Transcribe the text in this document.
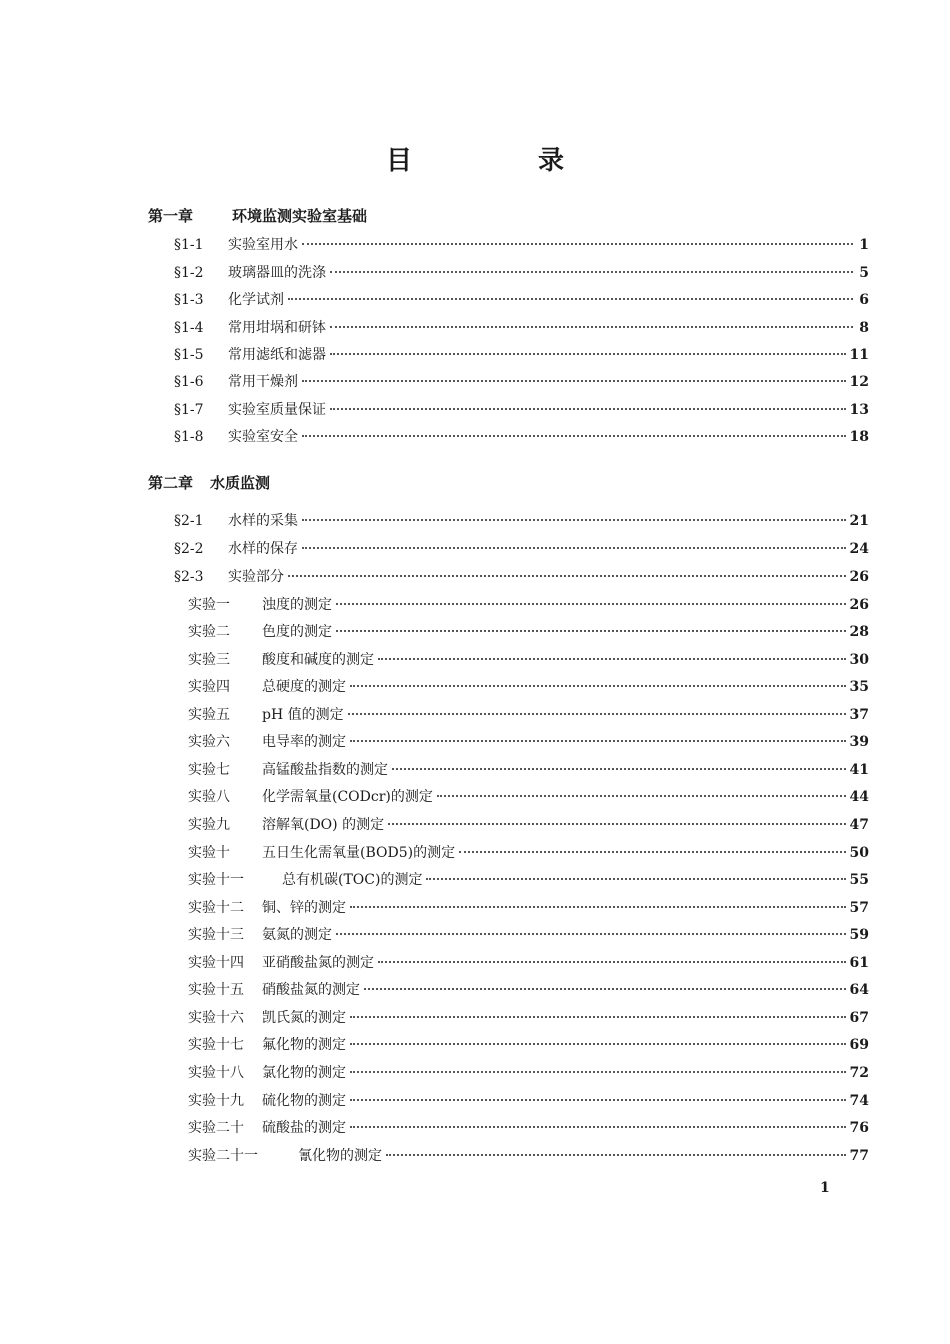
目　录
第一章	环境监测实验室基础
§1-1 实验室用水	1
§1-2 玻璃器皿的洗涤	5
§1-3 化学试剂	6
§1-4 常用坩埚和研钵	8
§1-5 常用滤纸和滤器	11
§1-6 常用干燥剂	12
§1-7 实验室质量保证	13
§1-8 实验室安全	18
第二章 水质监测
§2-1 水样的采集	21
§2-2 水样的保存	24
§2-3 实验部分	26
实验一 浊度的测定	26
实验二 色度的测定	28
实验三 酸度和碱度的测定	30
实验四 总硬度的测定	35
实验五 pH 值的测定	37
实验六 电导率的测定	39
实验七 高锰酸盐指数的测定	41
实验八 化学需氧量(CODcr)的测定	44
实验九 溶解氧(DO) 的测定	47
实验十 五日生化需氧量(BOD5)的测定	50
实验十一	总有机碳(TOC)的测定	55
实验十二 铜、锌的测定	57
实验十三 氨氮的测定	59
实验十四 亚硝酸盐氮的测定	61
实验十五 硝酸盐氮的测定	64
实验十六 凯氏氮的测定	67
实验十七 氟化物的测定	69
实验十八 氯化物的测定	72
实验十九 硫化物的测定	74
实验二十 硫酸盐的测定	76
实验二十一	氰化物的测定	77
1
